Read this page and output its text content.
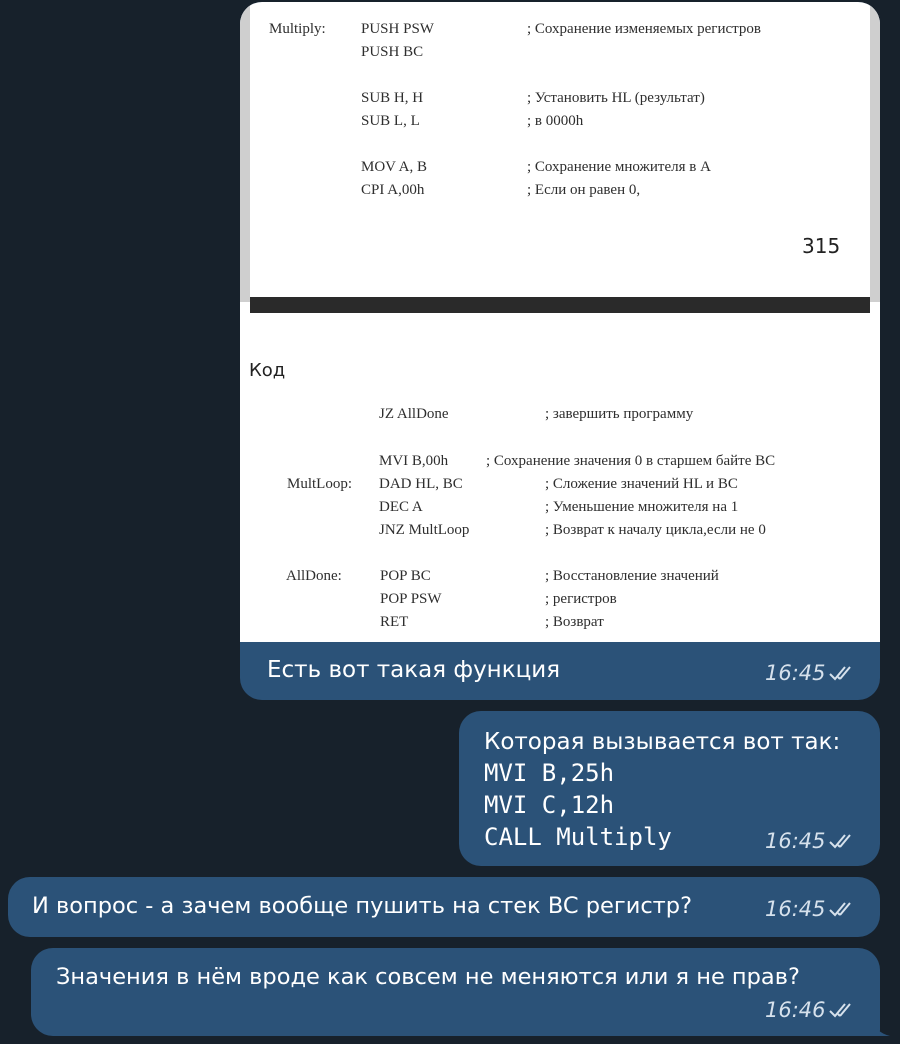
Multiply: PUSH PSW	; Сохранение изменяемых регистров
PUSH BC
SUB H, H	; Установить HL (результат)
SUB L, L	; в 0000h
MOV A, B	; Сохранение множителя в A
CPI A,00h	; Если он равен 0,
315
Код
JZ AllDone	; завершить программу
MVI B,00h	; Сохранение значения 0 в старшем байте BC
MultLoop: DAD HL, BC	; Сложение значений HL и BC
DEC A	; Уменьшение множителя на 1
JNZ MultLoop	; Возврат к началу цикла,если не 0
AllDone:	POP BC	; Восстановление значений
POP PSW	; регистров
RET	; Возврат
Есть вот такая функция	16:45
Которая вызывается вот так:
MVI B,25h
MVI C,12h
CALL Multiply	16:45
И вопрос - а зачем вообще пушить на стек BC регистр?	16:45
Значения в нём вроде как совсем не меняются или я не прав?
16:46
